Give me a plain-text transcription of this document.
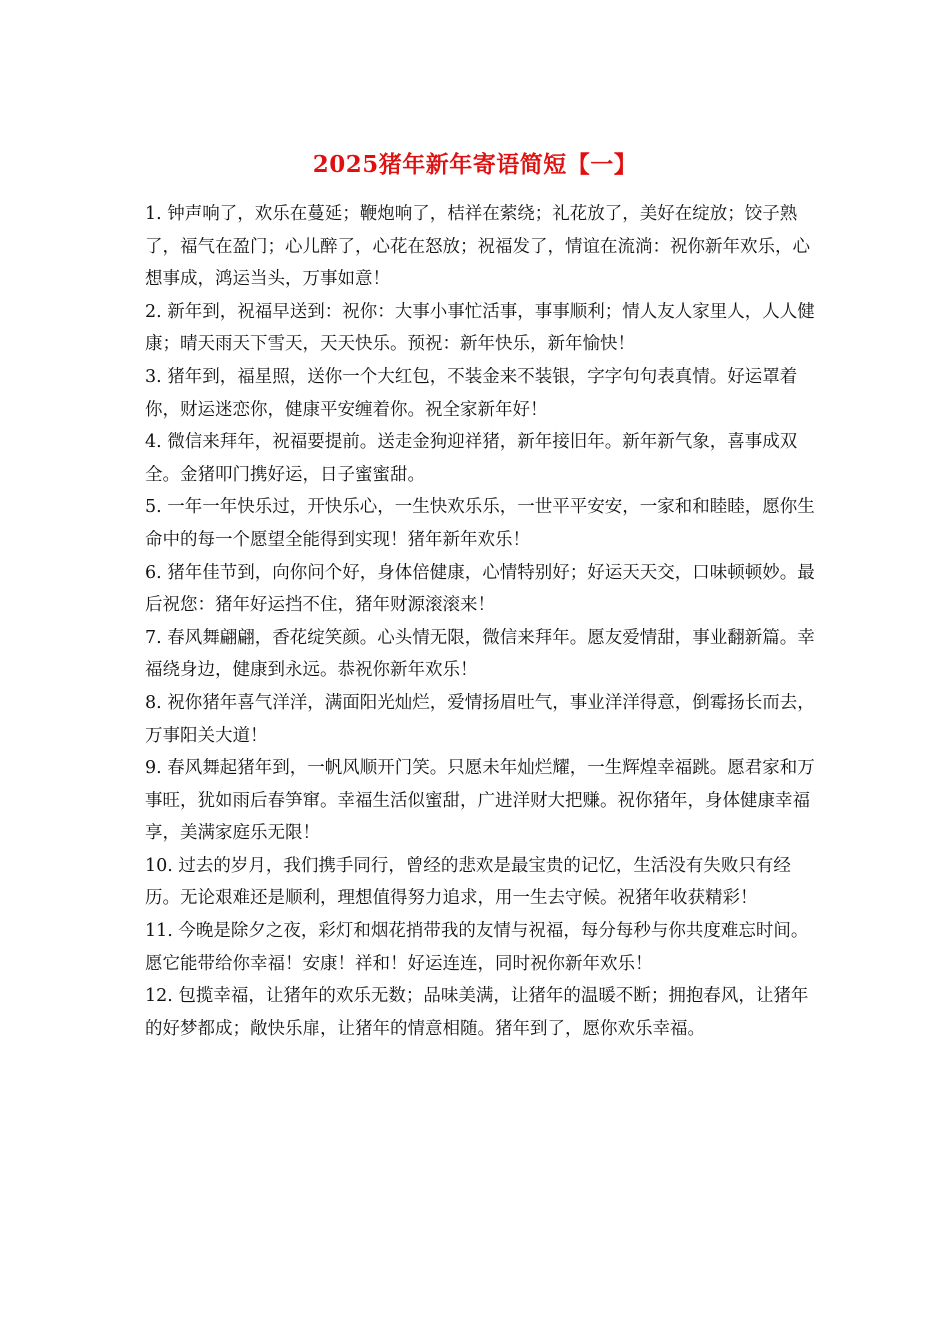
2025猪年新年寄语简短【一】

1. 钟声响了，欢乐在蔓延；鞭炮响了，桔祥在萦绕；礼花放了，美好在绽放；饺子熟了，福气在盈门；心儿醉了，心花在怒放；祝福发了，情谊在流淌：祝你新年欢乐，心想事成，鸿运当头，万事如意！

2. 新年到，祝福早送到：祝你：大事小事忙活事，事事顺利；情人友人家里人，人人健康；晴天雨天下雪天，天天快乐。预祝：新年快乐，新年愉快！

3. 猪年到，福星照，送你一个大红包，不装金来不装银，字字句句表真情。好运罩着你，财运迷恋你，健康平安缠着你。祝全家新年好！

4. 微信来拜年，祝福要提前。送走金狗迎祥猪，新年接旧年。新年新气象，喜事成双全。金猪叩门携好运，日子蜜蜜甜。

5. 一年一年快乐过，开快乐心，一生快欢乐乐，一世平平安安，一家和和睦睦，愿你生命中的每一个愿望全能得到实现！猪年新年欢乐！

6. 猪年佳节到，向你问个好，身体倍健康，心情特别好；好运天天交，口味顿顿妙。最后祝您：猪年好运挡不住，猪年财源滚滚来！

7. 春风舞翩翩，香花绽笑颜。心头情无限，微信来拜年。愿友爱情甜，事业翻新篇。幸福绕身边，健康到永远。恭祝你新年欢乐！

8. 祝你猪年喜气洋洋，满面阳光灿烂，爱情扬眉吐气，事业洋洋得意，倒霉扬长而去，万事阳关大道！

9. 春风舞起猪年到，一帆风顺开门笑。只愿未年灿烂耀，一生辉煌幸福跳。愿君家和万事旺，犹如雨后春笋窜。幸福生活似蜜甜，广进洋财大把赚。祝你猪年，身体健康幸福享，美满家庭乐无限！

10. 过去的岁月，我们携手同行，曾经的悲欢是最宝贵的记忆，生活没有失败只有经历。无论艰难还是顺利，理想值得努力追求，用一生去守候。祝猪年收获精彩！

11. 今晚是除夕之夜，彩灯和烟花捎带我的友情与祝福，每分每秒与你共度难忘时间。愿它能带给你幸福！安康！祥和！好运连连，同时祝你新年欢乐！

12. 包揽幸福，让猪年的欢乐无数；品味美满，让猪年的温暖不断；拥抱春风，让猪年的好梦都成；敞快乐扉，让猪年的情意相随。猪年到了，愿你欢乐幸福。
